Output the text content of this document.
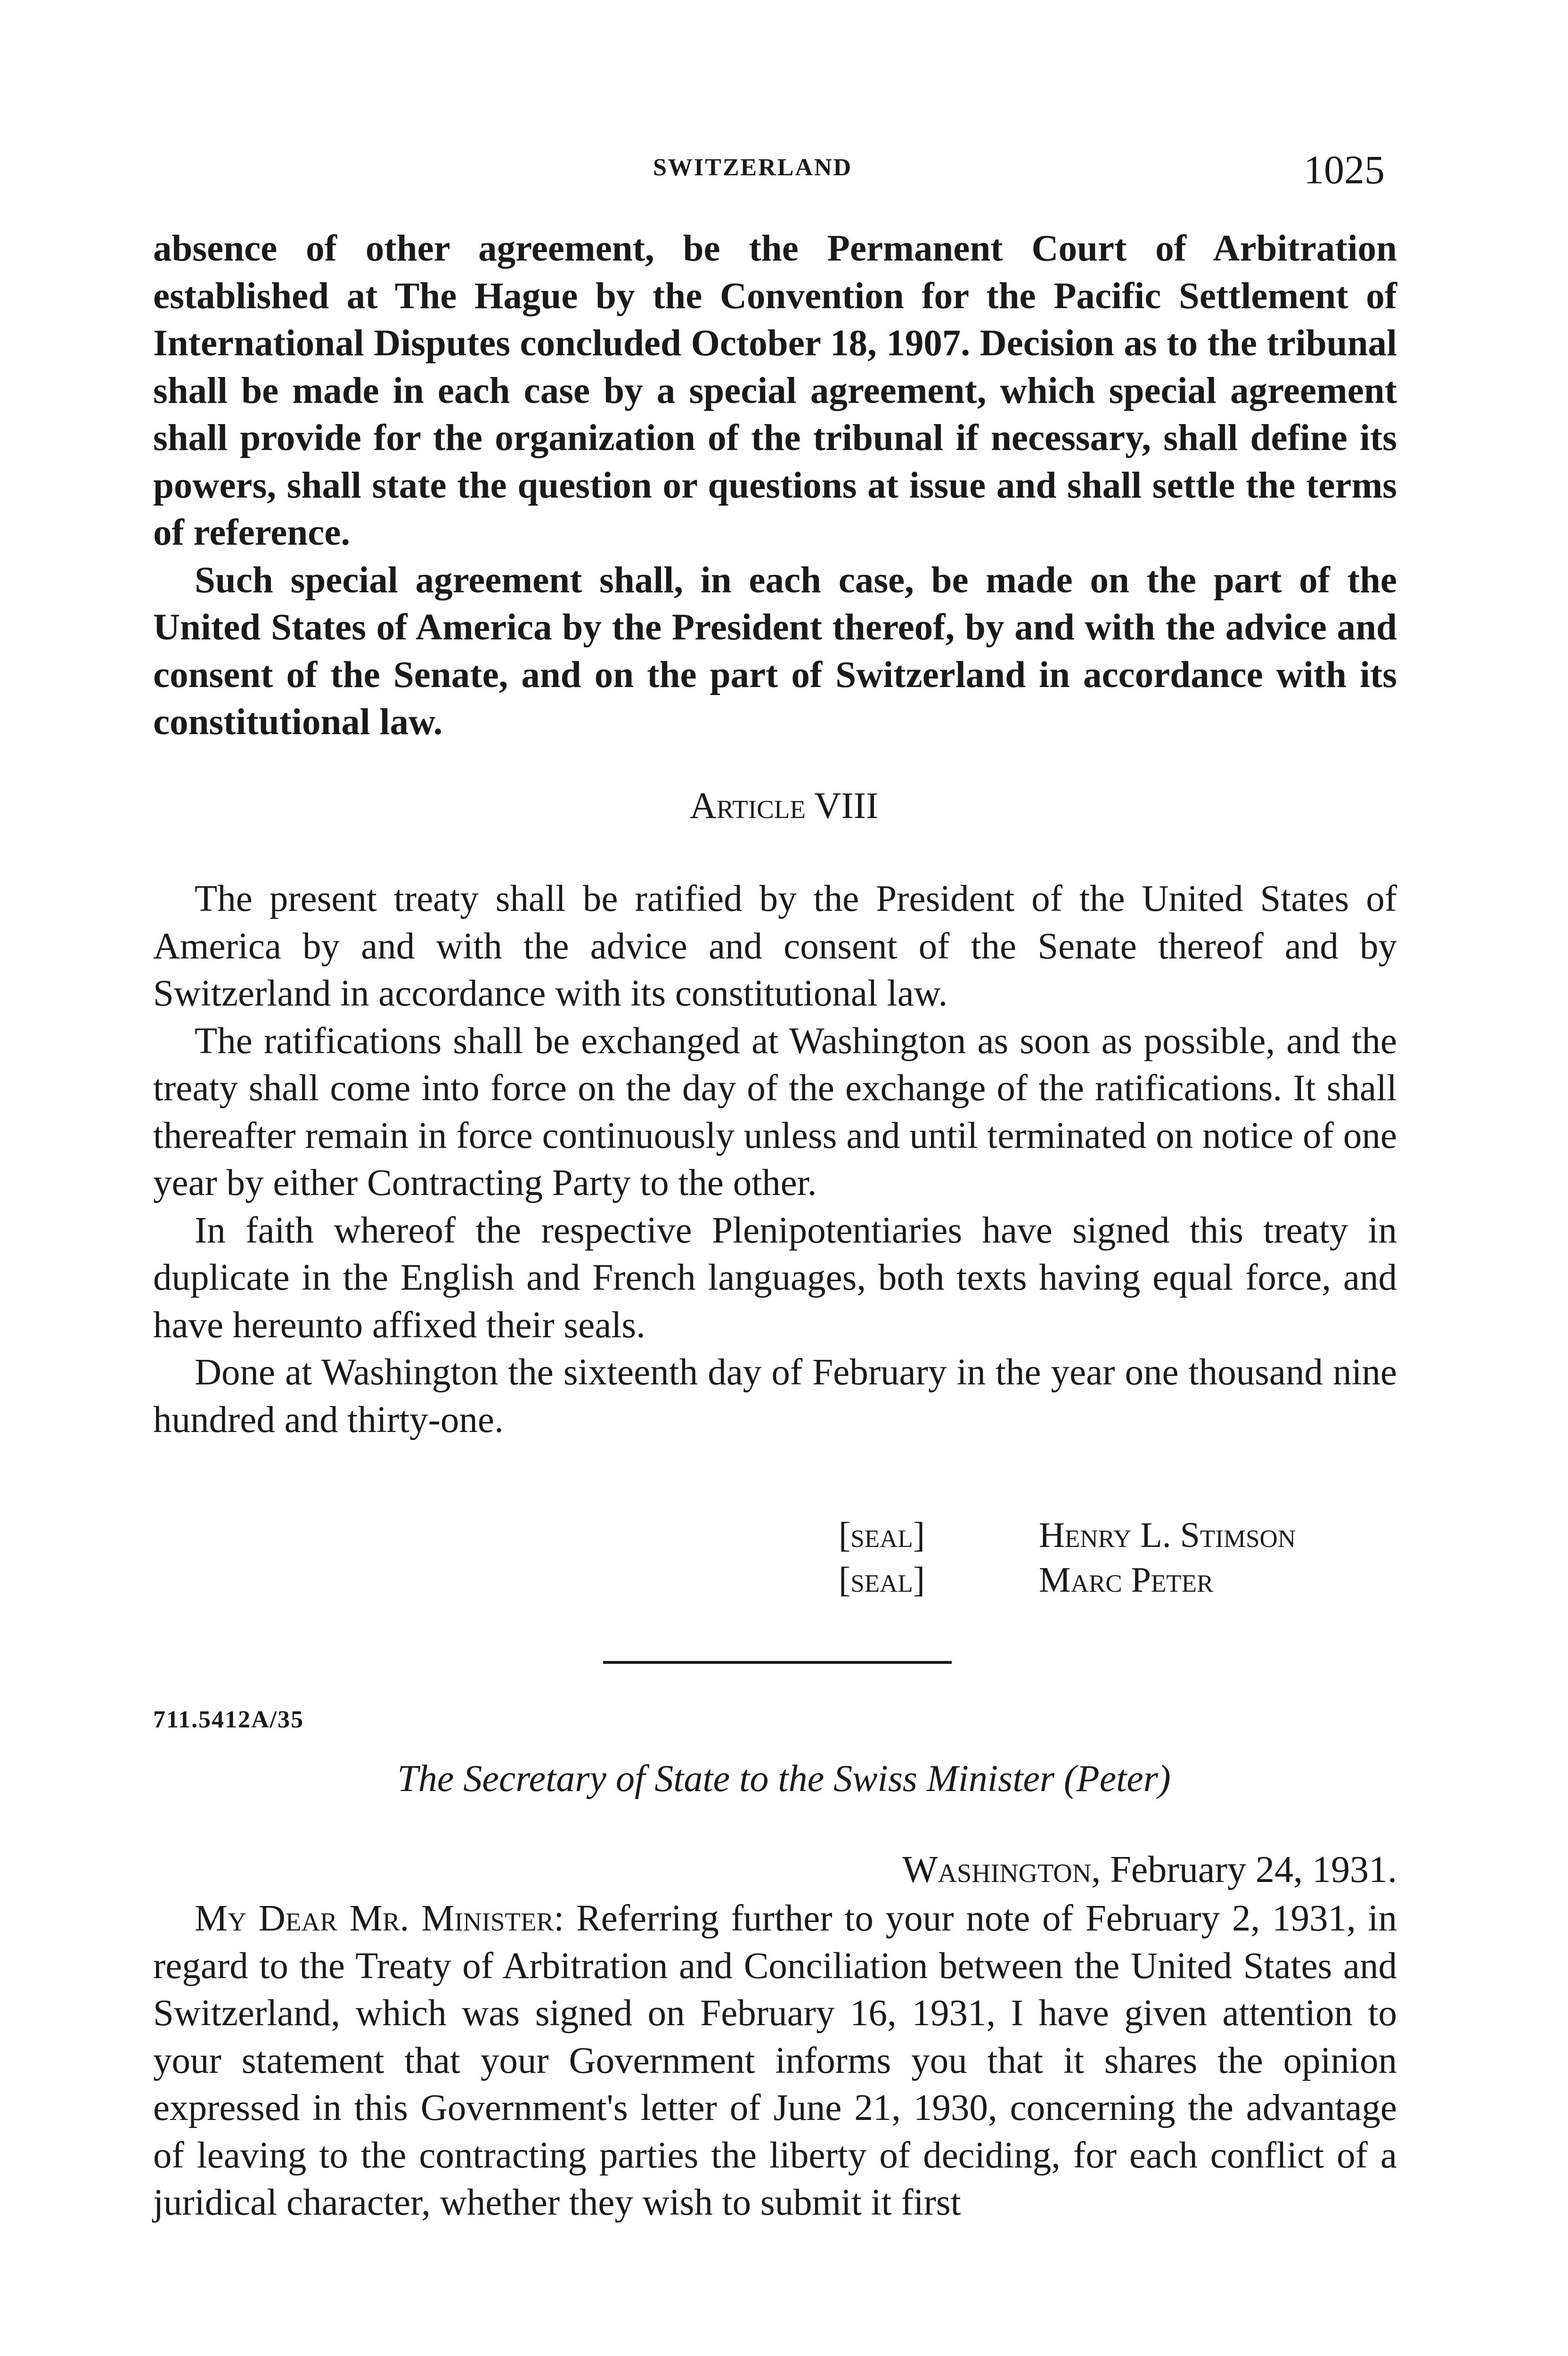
SWITZERLAND	1025

absence of other agreement, be the Permanent Court of Arbitration established at The Hague by the Convention for the Pacific Settlement of International Disputes concluded October 18, 1907. Decision as to the tribunal shall be made in each case by a special agreement, which special agreement shall provide for the organization of the tribunal if necessary, shall define its powers, shall state the question or questions at issue and shall settle the terms of reference.

Such special agreement shall, in each case, be made on the part of the United States of America by the President thereof, by and with the advice and consent of the Senate, and on the part of Switzerland in accordance with its constitutional law.

Article VIII

The present treaty shall be ratified by the President of the United States of America by and with the advice and consent of the Senate thereof and by Switzerland in accordance with its constitutional law.

The ratifications shall be exchanged at Washington as soon as possible, and the treaty shall come into force on the day of the exchange of the ratifications. It shall thereafter remain in force continuously unless and until terminated on notice of one year by either Contracting Party to the other.

In faith whereof the respective Plenipotentiaries have signed this treaty in duplicate in the English and French languages, both texts having equal force, and have hereunto affixed their seals.

Done at Washington the sixteenth day of February in the year one thousand nine hundred and thirty-one.

[seal]	Henry L. Stimson
[seal]	Marc Peter
711.5412A/35
The Secretary of State to the Swiss Minister (Peter)
Washington, February 24, 1931.

My Dear Mr. Minister: Referring further to your note of February 2, 1931, in regard to the Treaty of Arbitration and Conciliation between the United States and Switzerland, which was signed on February 16, 1931, I have given attention to your statement that your Government informs you that it shares the opinion expressed in this Government's letter of June 21, 1930, concerning the advantage of leaving to the contracting parties the liberty of deciding, for each conflict of a juridical character, whether they wish to submit it first
